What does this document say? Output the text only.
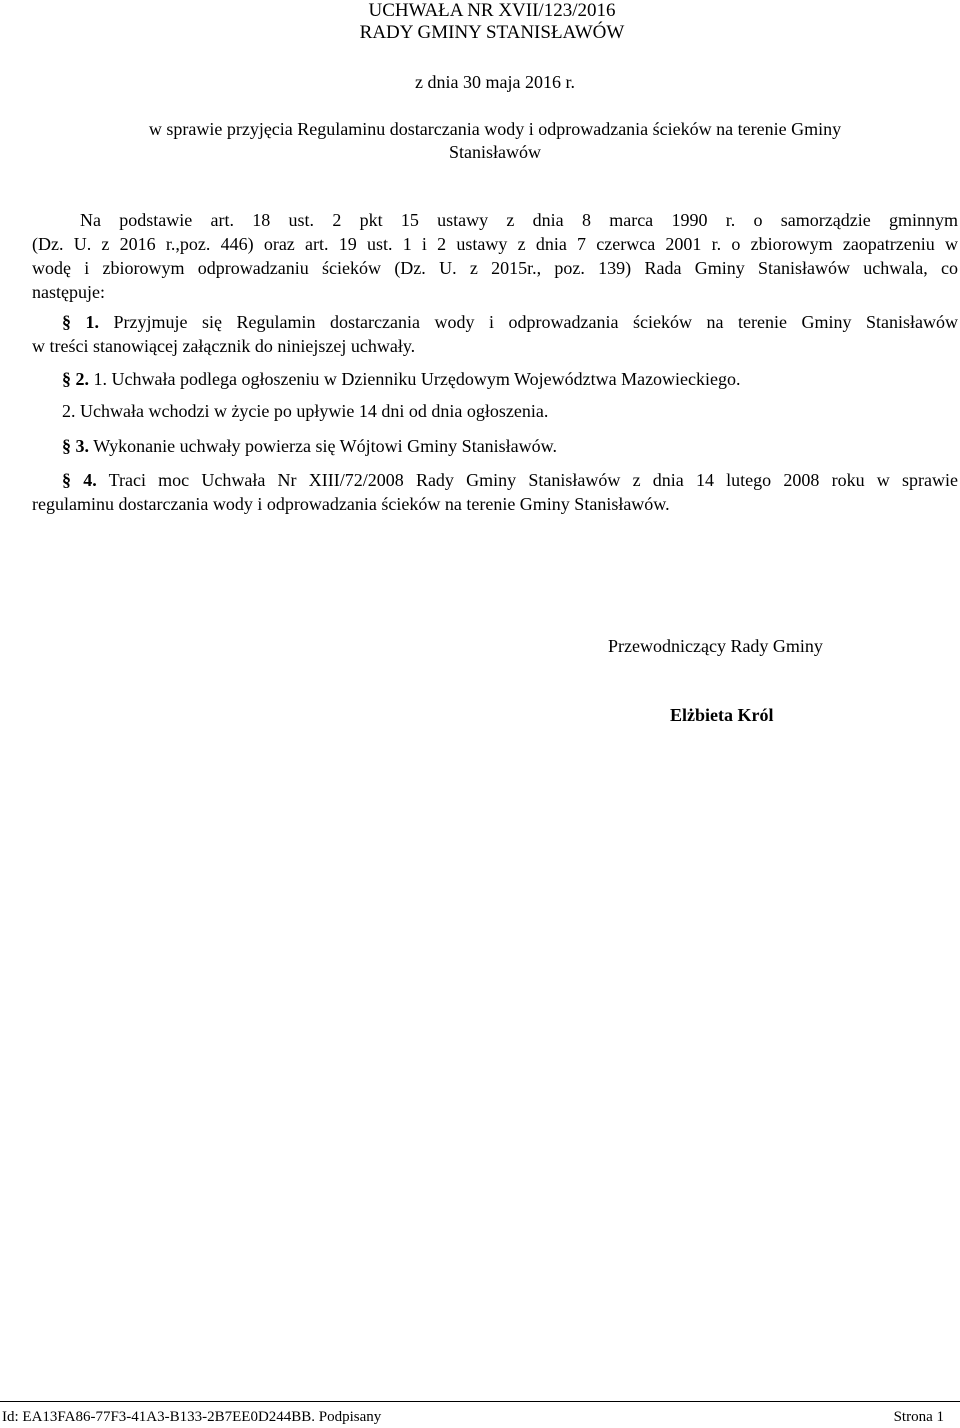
UCHWAŁA NR XVII/123/2016
RADY GMINY STANISŁAWÓW
z dnia 30 maja 2016 r.
w sprawie przyjęcia Regulaminu dostarczania wody i odprowadzania ścieków na terenie Gminy
Stanisławów
Na podstawie art. 18 ust. 2 pkt 15 ustawy z dnia 8 marca 1990 r. o samorządzie gminnym
(Dz. U. z 2016 r.,poz. 446) oraz art. 19 ust. 1 i 2 ustawy z dnia 7 czerwca 2001 r. o zbiorowym zaopatrzeniu w
wodę i zbiorowym odprowadzaniu ścieków (Dz. U. z 2015r., poz. 139) Rada Gminy Stanisławów uchwala, co
następuje:
§ 1. Przyjmuje się Regulamin dostarczania wody i odprowadzania ścieków na terenie Gminy Stanisławów
w treści stanowiącej załącznik do niniejszej uchwały.
§ 2. 1. Uchwała podlega ogłoszeniu w Dzienniku Urzędowym Województwa Mazowieckiego.
2. Uchwała wchodzi w życie po upływie 14 dni od dnia ogłoszenia.
§ 3. Wykonanie uchwały powierza się Wójtowi Gminy Stanisławów.
§ 4. Traci moc Uchwała Nr XIII/72/2008 Rady Gminy Stanisławów z dnia 14 lutego 2008 roku w sprawie
regulaminu dostarczania wody i odprowadzania ścieków na terenie Gminy Stanisławów.
Przewodniczący Rady Gminy
Elżbieta Król
Id: EA13FA86-77F3-41A3-B133-2B7EE0D244BB. Podpisany	Strona 1
